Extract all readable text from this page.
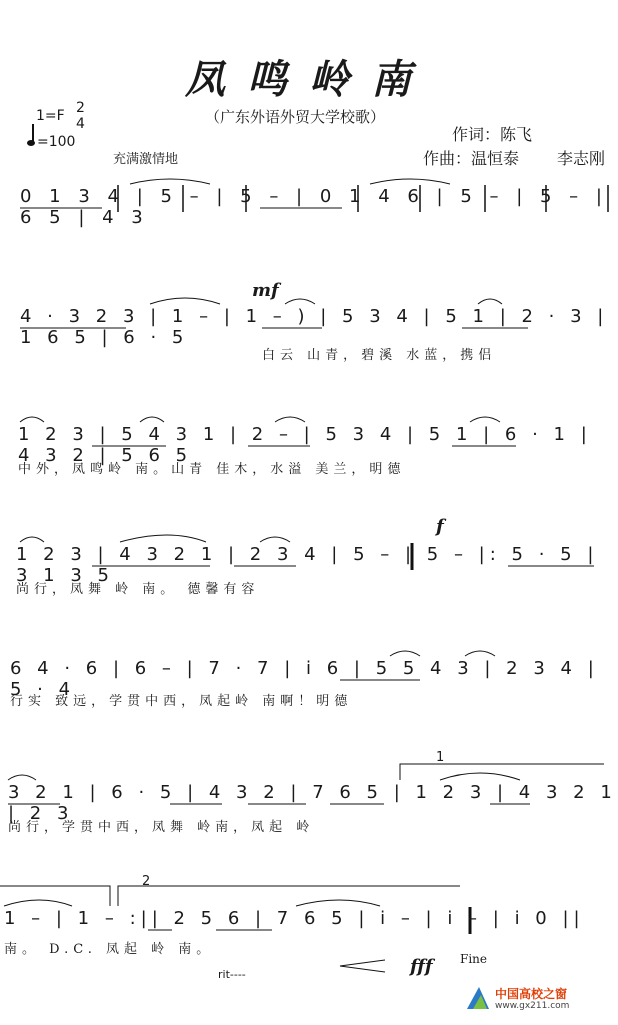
凤鸣岭南
（广东外语外贸大学校歌）
作词：陈飞
作曲：温恒泰 李志刚
1=F 2
4
=100
充满激情地
0 1 3 4 | 5 – | 5 – | 0 1 4 6 | 5 – | 5 – | 6 5 | 4 3
mf
4 · 3 2 3 | 1 – | 1 – ) | 5 3 4 | 5 1 | 2 · 3 | 1 6 5 | 6 · 5
白云 山青，碧溪 水蓝，携侣
1 2 3 | 5 4 3 1 | 2 – | 5 3 4 | 5 1 | 6 · 1 | 4 3 2 | 5 6 5
中外，凤鸣岭 南。山青 佳木，水溢 美兰，明德
f
1 2 3 | 4 3 2 1 | 2 3 4 | 5 – | 5 – |: 5 · 5 | 3 1 3 5
尚行，凤舞 岭 南。 德馨有容
6 4 · 6 | 6 – | 7 · 7 | i 6 | 5 5 4 3 | 2 3 4 | 5 · 4
行实 致远，学贯中西，凤起岭 南啊！明德
1
3 2 1 | 6 · 5 | 4 3 2 | 7 6 5 | 1 2 3 | 4 3 2 1 | 2 3
尚行，学贯中西，凤舞 岭南，凤起 岭
2
1 – | 1 – :|| 2 5 6 | 7 6 5 | i – | i – | i 0 ||
南。 D.C. 凤起 岭 南。
Fine
rit----	fff
中国高校之窗
www.gx211.com
